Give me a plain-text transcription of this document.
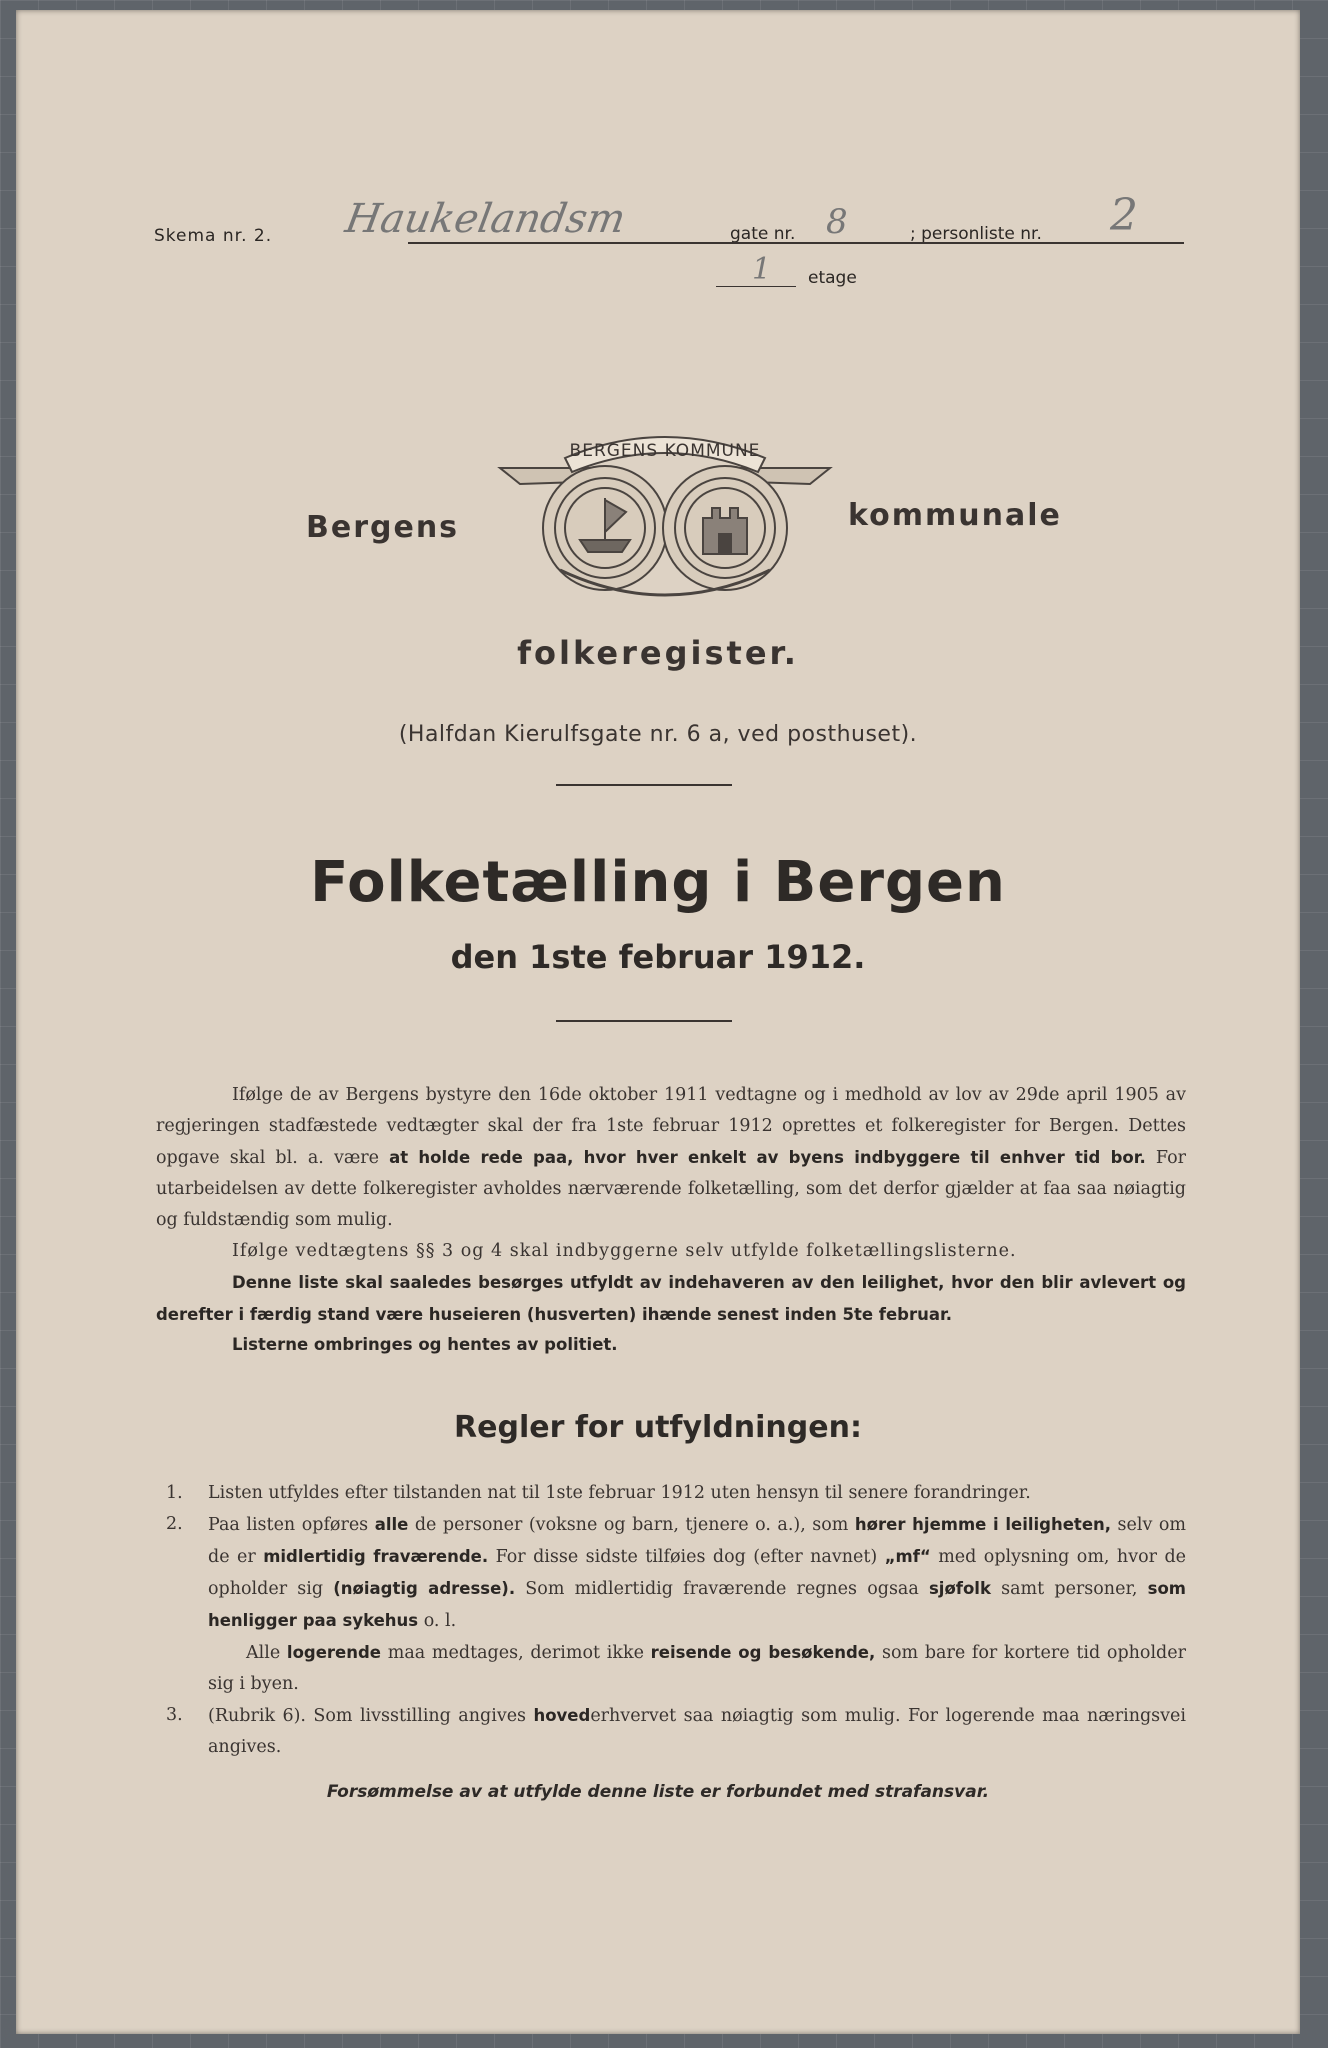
Skema nr. 2. Haukelandsm	gate nr. 8	; personliste nr. 2
1 etage
BERGENS KOMMUNE
Bergens	kommunale
folkeregister.
(Halfdan Kierulfsgate nr. 6 a, ved posthuset).
Folketælling i Bergen
den 1ste februar 1912.
Ifølge de av Bergens bystyre den 16de oktober 1911 vedtagne og i medhold av lov av 29de april 1905 av regjeringen stadfæstede vedtægter skal der fra 1ste februar 1912 oprettes et folkeregister for Bergen. Dettes opgave skal bl. a. være at holde rede paa, hvor hver enkelt av byens indbyggere til enhver tid bor. For utarbeidelsen av dette folkeregister avholdes nærværende folketælling, som det derfor gjælder at faa saa nøiagtig og fuldstændig som mulig.
Ifølge vedtægtens §§ 3 og 4 skal indbyggerne selv utfylde folketællingslisterne.
Denne liste skal saaledes besørges utfyldt av indehaveren av den leilighet, hvor den blir avlevert og derefter i færdig stand være huseieren (husverten) ihænde senest inden 5te februar.
Listerne ombringes og hentes av politiet.
Regler for utfyldningen:
1. Listen utfyldes efter tilstanden nat til 1ste februar 1912 uten hensyn til senere forandringer.
2. Paa listen opføres alle de personer (voksne og barn, tjenere o. a.), som hører hjemme i leiligheten, selv om de er midlertidig fraværende. For disse sidste tilføies dog (efter navnet) „mf“ med oplysning om, hvor de opholder sig (nøiagtig adresse). Som midlertidig fraværende regnes ogsaa sjøfolk samt personer, som henligger paa sykehus o. l.
Alle logerende maa medtages, derimot ikke reisende og besøkende, som bare for kortere tid opholder sig i byen.
3. (Rubrik 6). Som livsstilling angives hovederhvervet saa nøiagtig som mulig. For logerende maa næringsvei angives.
Forsømmelse av at utfylde denne liste er forbundet med strafansvar.
